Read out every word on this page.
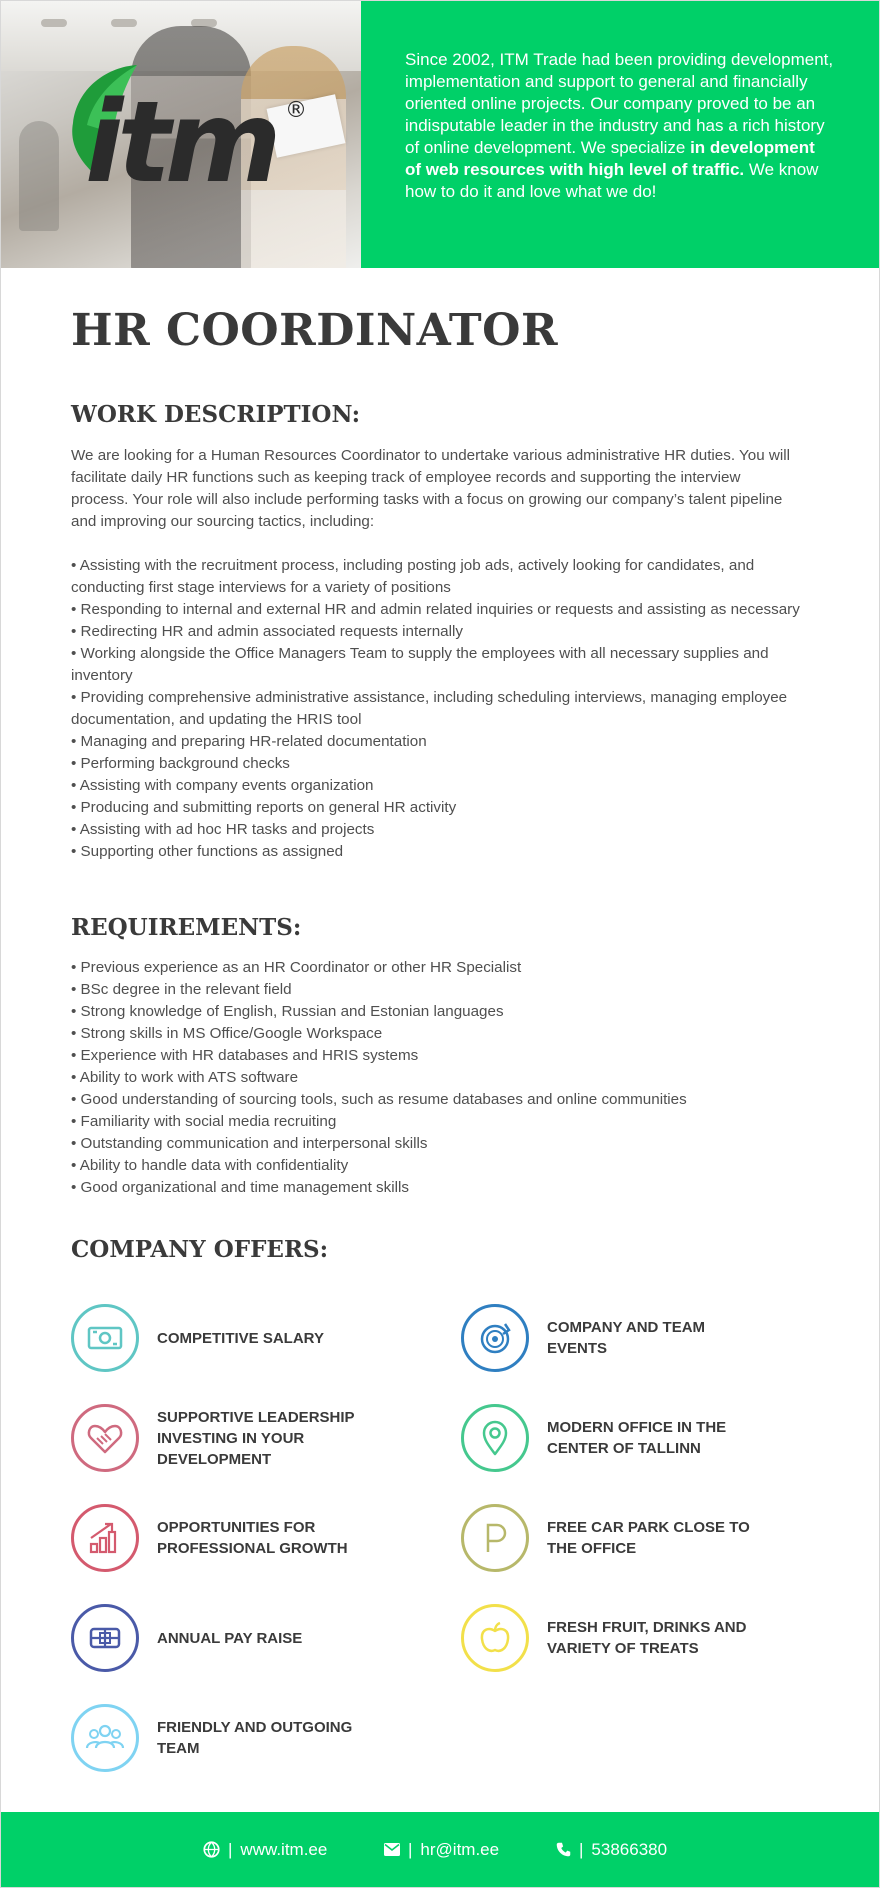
itm ®

Since 2002, ITM Trade had been providing development, implementation and support to general and financially oriented online projects. Our company proved to be an indisputable leader in the industry and has a rich history of online development. We specialize in development of web resources with high level of traffic. We know how to do it and love what we do!

HR COORDINATOR
WORK DESCRIPTION:

We are looking for a Human Resources Coordinator to undertake various administrative HR duties. You will facilitate daily HR functions such as keeping track of employee records and supporting the interview process. Your role will also include performing tasks with a focus on growing our company’s talent pipeline and improving our sourcing tactics, including:

• Assisting with the recruitment process, including posting job ads, actively looking for candidates, and conducting first stage interviews for a variety of positions
• Responding to internal and external HR and admin related inquiries or requests and assisting as necessary
• Redirecting HR and admin associated requests internally
• Working alongside the Office Managers Team to supply the employees with all necessary supplies and inventory
• Providing comprehensive administrative assistance, including scheduling interviews, managing employee documentation, and updating the HRIS tool
• Managing and preparing HR-related documentation
• Performing background checks
• Assisting with company events organization
• Producing and submitting reports on general HR activity
• Assisting with ad hoc HR tasks and projects
• Supporting other functions as assigned
REQUIREMENTS:
• Previous experience as an HR Coordinator or other HR Specialist
• BSc degree in the relevant field
• Strong knowledge of English, Russian and Estonian languages
• Strong skills in MS Office/Google Workspace
• Experience with HR databases and HRIS systems
• Ability to work with ATS software
• Good understanding of sourcing tools, such as resume databases and online communities
• Familiarity with social media recruiting
• Outstanding communication and interpersonal skills
• Ability to handle data with confidentiality
• Good organizational and time management skills
COMPANY OFFERS:
COMPETITIVE SALARY
COMPANY AND TEAM EVENTS
SUPPORTIVE LEADERSHIP INVESTING IN YOUR DEVELOPMENT
MODERN OFFICE IN THE CENTER OF TALLINN
OPPORTUNITIES FOR PROFESSIONAL GROWTH
FREE CAR PARK CLOSE TO THE OFFICE
ANNUAL PAY RAISE
FRESH FRUIT, DRINKS AND VARIETY OF TREATS
FRIENDLY AND OUTGOING TEAM
| www.itm.ee	| hr@itm.ee	| 53866380
